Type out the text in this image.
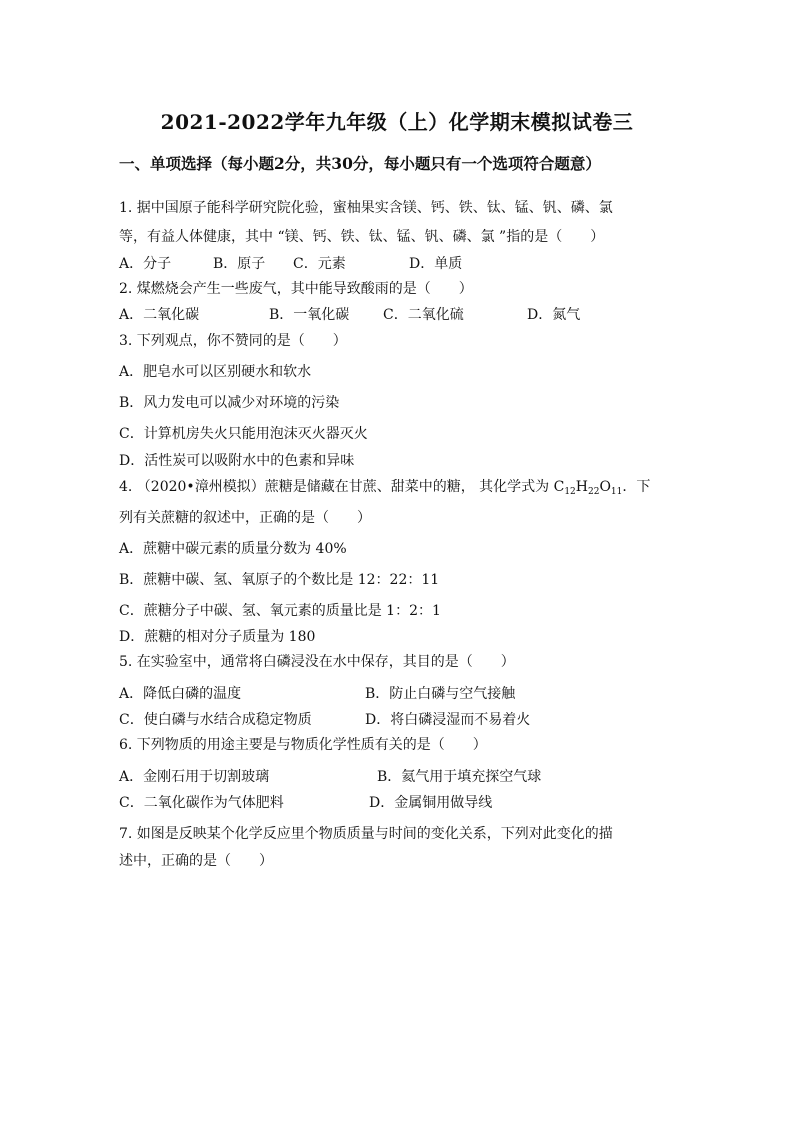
2021-2022学年九年级（上）化学期末模拟试卷三
一、单项选择（每小题2分，共30分，每小题只有一个选项符合题意）
1. 据中国原子能科学研究院化验，蜜柚果实含镁、钙、铁、钛、锰、钒、磷、氯
等，有益人体健康，其中 “镁、钙、铁、钛、锰、钒、磷、氯 ”指的是（　　）
A．分子	B．原子 C．元素	D．单质
2. 煤燃烧会产生一些废气，其中能导致酸雨的是（　　）
A．二氧化碳	B．一氧化碳 C．二氧化硫	D．氮气
3. 下列观点，你不赞同的是（　　）
A．肥皂水可以区别硬水和软水
B．风力发电可以减少对环境的污染
C．计算机房失火只能用泡沫灭火器灭火
D．活性炭可以吸附水中的色素和异味
4. （2020•漳州模拟）蔗糖是储藏在甘蔗、甜菜中的糖， 其化学式为 $C_{12}H_{22}O_{11}$．下
列有关蔗糖的叙述中，正确的是（　　）
A．蔗糖中碳元素的质量分数为 40%
B．蔗糖中碳、氢、氧原子的个数比是 12：22：11
C．蔗糖分子中碳、氢、氧元素的质量比是 1：2：1
D．蔗糖的相对分子质量为 180
5. 在实验室中，通常将白磷浸没在水中保存，其目的是（　　）
A．降低白磷的温度	B．防止白磷与空气接触
C．使白磷与水结合成稳定物质	D．将白磷浸湿而不易着火
6. 下列物质的用途主要是与物质化学性质有关的是（　　）
A．金刚石用于切割玻璃	B．氦气用于填充探空气球
C．二氧化碳作为气体肥料	D．金属铜用做导线
7. 如图是反映某个化学反应里个物质质量与时间的变化关系，下列对此变化的描
述中，正确的是（　　）
